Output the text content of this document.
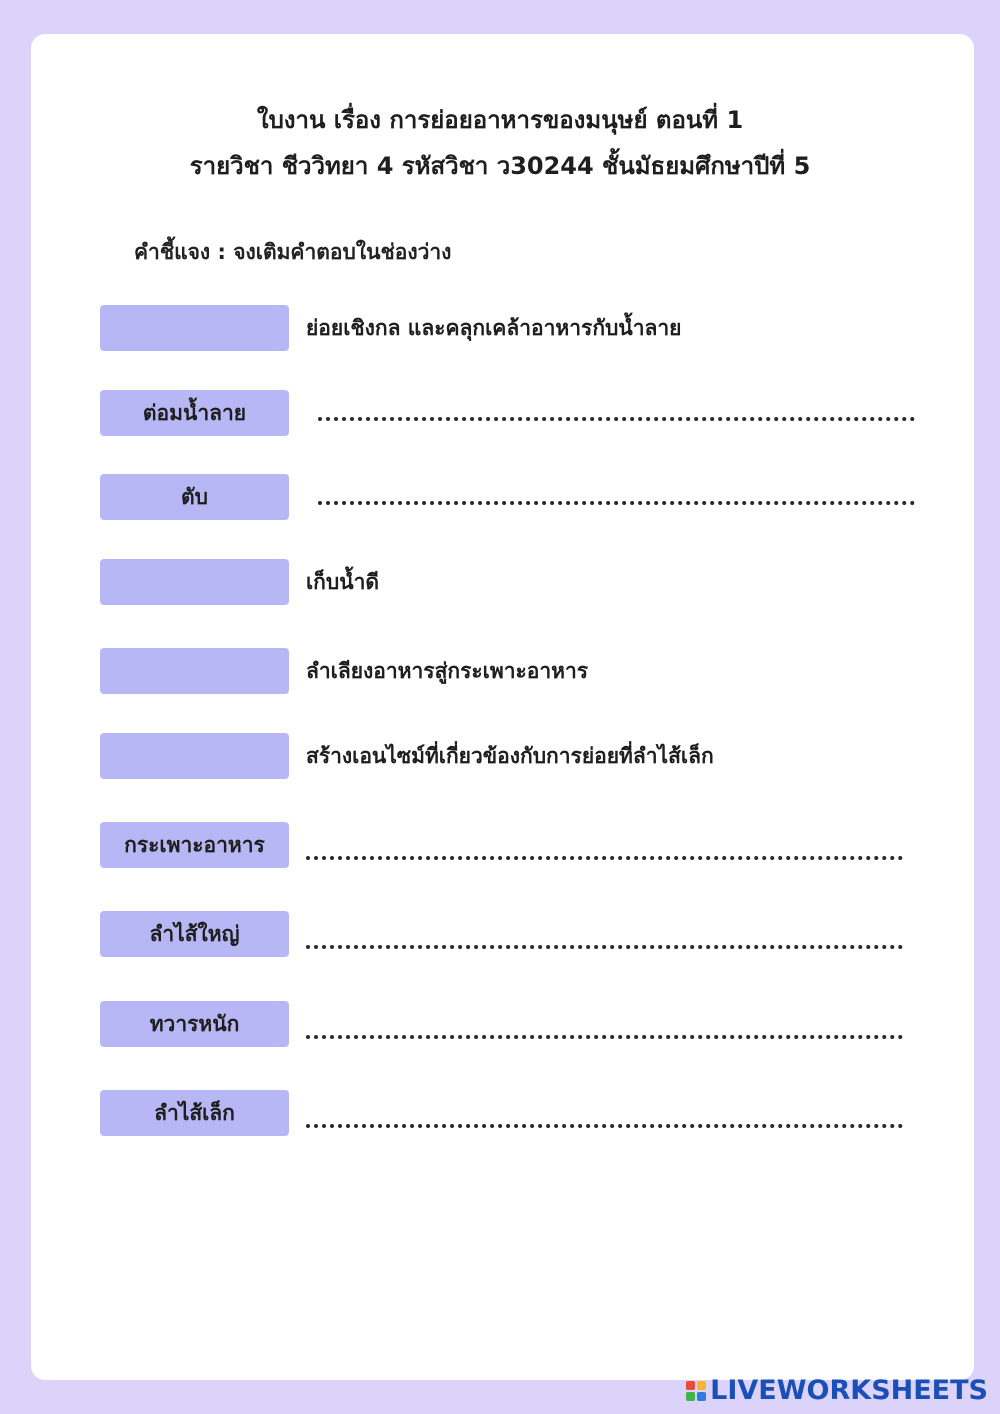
ใบงาน เรื่อง การย่อยอาหารของมนุษย์ ตอนที่ 1
รายวิชา ชีววิทยา 4 รหัสวิชา ว30244 ชั้นมัธยมศึกษาปีที่ 5
คำชี้แจง : จงเติมคำตอบในช่องว่าง
ย่อยเชิงกล และคลุกเคล้าอาหารกับน้ำลาย
ต่อมน้ำลาย
ตับ
เก็บน้ำดี
ลำเลียงอาหารสู่กระเพาะอาหาร
สร้างเอนไซม์ที่เกี่ยวข้องกับการย่อยที่ลำไส้เล็ก
กระเพาะอาหาร
ลำไส้ใหญ่
ทวารหนัก
ลำไส้เล็ก
LIVEWORKSHEETS
